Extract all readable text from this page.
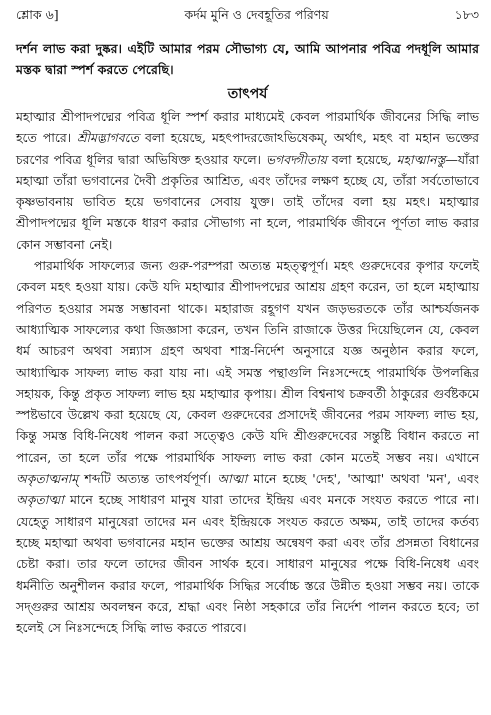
শ্লোক ৬]	কর্দম মুনি ও দেবহূতির পরিণয়	১৮৩

দর্শন লাভ করা দুষ্কর। এইটি আমার পরম সৌভাগ্য যে, আমি আপনার পবিত্র পদধূলি আমার মস্তক দ্বারা স্পর্শ করতে পেরেছি।

তাৎপর্য

মহাত্মার শ্রীপাদপদ্মের পবিত্র ধূলি স্পর্শ করার মাধ্যমেই কেবল পারমার্থিক জীবনের সিদ্ধি লাভ হতে পারে। শ্রীমদ্ভাগবতে বলা হয়েছে, মহৎপাদরজোঽভিষেকম্, অর্থাৎ, মহৎ বা মহান ভক্তের চরণের পবিত্র ধূলির দ্বারা অভিষিক্ত হওয়ার ফলে। ভগবদ্গীতায় বলা হয়েছে, মহাত্মানস্তু—যাঁরা মহাত্মা তাঁরা ভগবানের দৈবী প্রকৃতির আশ্রিত, এবং তাঁদের লক্ষণ হচ্ছে যে, তাঁরা সর্বতোভাবে কৃষ্ণভাবনায় ভাবিত হয়ে ভগবানের সেবায় যুক্ত। তাই তাঁদের বলা হয় মহৎ। মহাত্মার শ্রীপাদপদ্মের ধূলি মস্তকে ধারণ করার সৌভাগ্য না হলে, পারমার্থিক জীবনে পূর্ণতা লাভ করার কোন সম্ভাবনা নেই।

পারমার্থিক সাফল্যের জন্য গুরু-পরম্পরা অত্যন্ত মহত্ত্বপূর্ণ। মহৎ গুরুদেবের কৃপার ফলেই কেবল মহৎ হওয়া যায়। কেউ যদি মহাত্মার শ্রীপাদপদ্মের আশ্রয় গ্রহণ করেন, তা হলে মহাত্মায় পরিণত হওয়ার সমস্ত সম্ভাবনা থাকে। মহারাজ রহূগণ যখন জড়ভরতকে তাঁর আশ্চর্যজনক আধ্যাত্মিক সাফল্যের কথা জিজ্ঞাসা করেন, তখন তিনি রাজাকে উত্তর দিয়েছিলেন যে, কেবল ধর্ম আচরণ অথবা সন্ন্যাস গ্রহণ অথবা শাস্ত্র-নির্দেশ অনুসারে যজ্ঞ অনুষ্ঠান করার ফলে, আধ্যাত্মিক সাফল্য লাভ করা যায় না। এই সমস্ত পন্থাগুলি নিঃসন্দেহে পারমার্থিক উপলব্ধির সহায়ক, কিন্তু প্রকৃত সাফল্য লাভ হয় মহাত্মার কৃপায়। শ্রীল বিশ্বনাথ চক্রবর্তী ঠাকুরের গুর্বষ্টকমে স্পষ্টভাবে উল্লেখ করা হয়েছে যে, কেবল গুরুদেবের প্রসাদেই জীবনের পরম সাফল্য লাভ হয়, কিন্তু সমস্ত বিধি-নিষেধ পালন করা সত্ত্বেও কেউ যদি শ্রীগুরুদেবের সন্তুষ্টি বিধান করতে না পারেন, তা হলে তাঁর পক্ষে পারমার্থিক সাফল্য লাভ করা কোন মতেই সম্ভব নয়। এখানে অকৃতাত্মনাম্ শব্দটি অত্যন্ত তাৎপর্যপূর্ণ। আত্মা মানে হচ্ছে 'দেহ', 'আত্মা' অথবা 'মন', এবং অকৃতাত্মা মানে হচ্ছে সাধারণ মানুষ যারা তাদের ইন্দ্রিয় এবং মনকে সংযত করতে পারে না। যেহেতু সাধারণ মানুষেরা তাদের মন এবং ইন্দ্রিয়কে সংযত করতে অক্ষম, তাই তাদের কর্তব্য হচ্ছে মহাত্মা অথবা ভগবানের মহান ভক্তের আশ্রয় অন্বেষণ করা এবং তাঁর প্রসন্নতা বিধানের চেষ্টা করা। তার ফলে তাদের জীবন সার্থক হবে। সাধারণ মানুষের পক্ষে বিধি-নিষেধ এবং ধর্মনীতি অনুশীলন করার ফলে, পারমার্থিক সিদ্ধির সর্বোচ্চ স্তরে উন্নীত হওয়া সম্ভব নয়। তাকে সদ্গুরুর আশ্রয় অবলম্বন করে, শ্রদ্ধা এবং নিষ্ঠা সহকারে তাঁর নির্দেশ পালন করতে হবে; তা হলেই সে নিঃসন্দেহে সিদ্ধি লাভ করতে পারবে।
